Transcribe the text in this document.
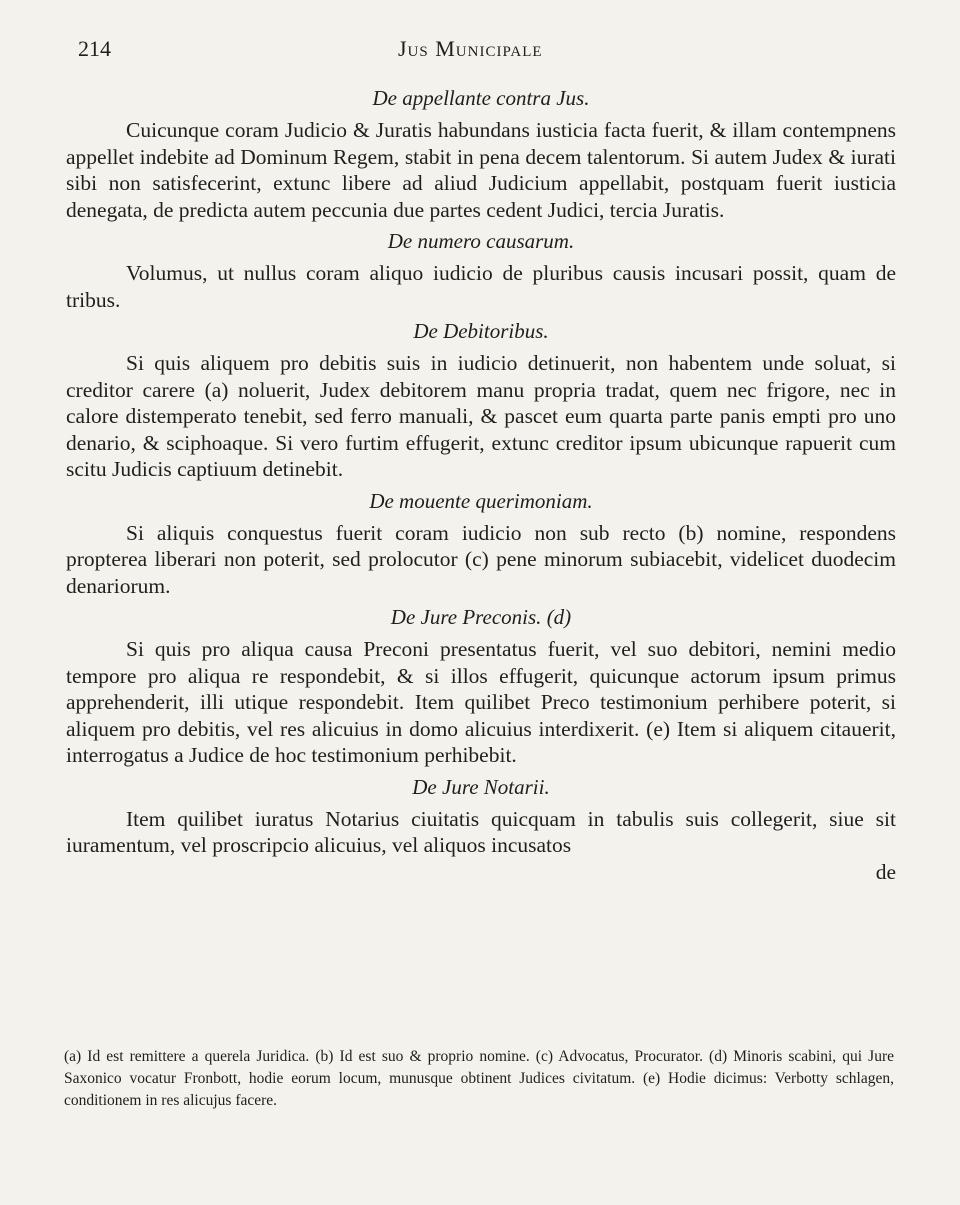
214	Jus Municipale
De appellante contra Jus.

Cuicunque coram Judicio & Juratis habundans iusticia facta fuerit, & illam contempnens appellet indebite ad Dominum Regem, stabit in pena decem talentorum. Si autem Judex & iurati sibi non satisfecerint, extunc libere ad aliud Judicium appellabit, postquam fuerit iusticia denegata, de predicta autem peccunia due partes cedent Judici, tercia Juratis.

De numero causarum.

Volumus, ut nullus coram aliquo iudicio de pluribus causis incusari possit, quam de tribus.

De Debitoribus.

Si quis aliquem pro debitis suis in iudicio detinuerit, non habentem unde soluat, si creditor carere (a) noluerit, Judex debitorem manu propria tradat, quem nec frigore, nec in calore distemperato tenebit, sed ferro manuali, & pascet eum quarta parte panis empti pro uno denario, & sciphoaque. Si vero furtim effugerit, extunc creditor ipsum ubicunque rapuerit cum scitu Judicis captiuum detinebit.

De mouente querimoniam.

Si aliquis conquestus fuerit coram iudicio non sub recto (b) nomine, respondens propterea liberari non poterit, sed prolocutor (c) pene minorum subiacebit, videlicet duodecim denariorum.

De Jure Preconis. (d)

Si quis pro aliqua causa Preconi presentatus fuerit, vel suo debitori, nemini medio tempore pro aliqua re respondebit, & si illos effugerit, quicunque actorum ipsum primus apprehenderit, illi utique respondebit. Item quilibet Preco testimonium perhibere poterit, si aliquem pro debitis, vel res alicuius in domo alicuius interdixerit. (e) Item si aliquem citauerit, interrogatus a Judice de hoc testimonium perhibebit.

De Jure Notarii.

Item quilibet iuratus Notarius ciuitatis quicquam in tabulis suis collegerit, siue sit iuramentum, vel proscripcio alicuius, vel aliquos incusatos

de

(a) Id est remittere a querela Juridica. (b) Id est suo & proprio nomine. (c) Advocatus, Procurator. (d) Minoris scabini, qui Jure Saxonico vocatur Fronbott, hodie eorum locum, munusque obtinent Judices civitatum. (e) Hodie dicimus: Verbotty schlagen, conditionem in res alicujus facere.
